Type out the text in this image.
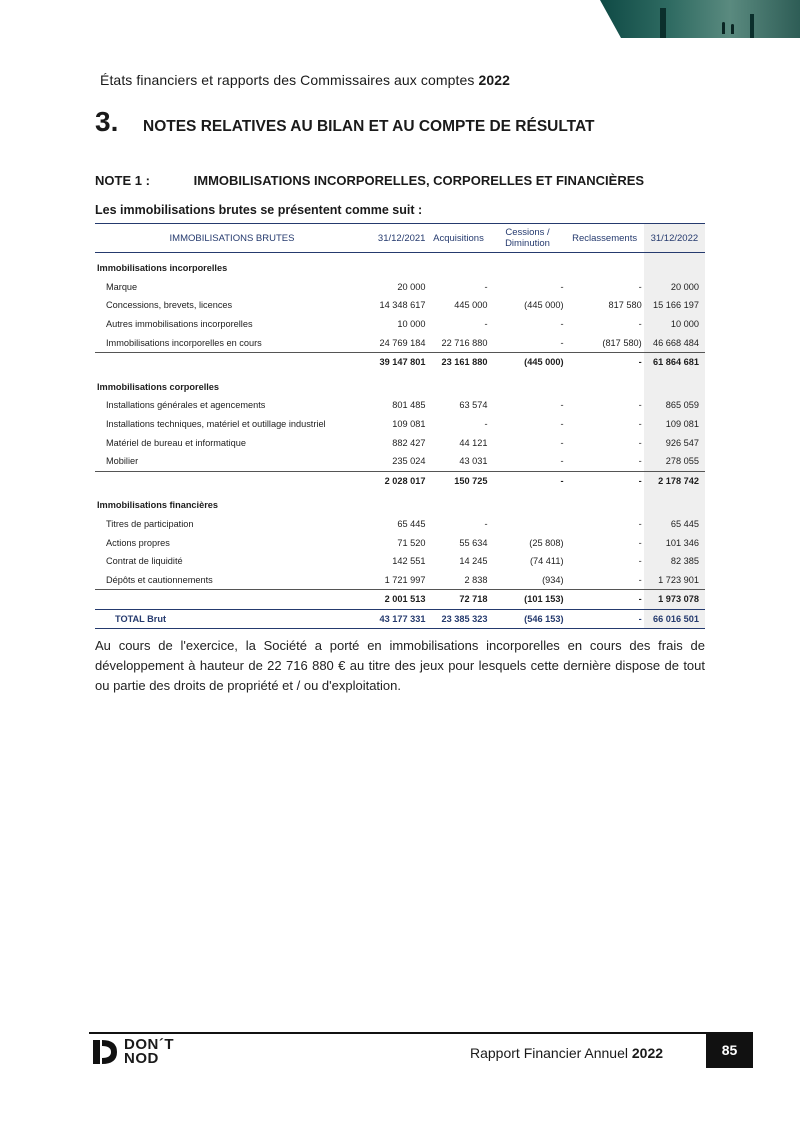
États financiers et rapports des Commissaires aux comptes 2022
3.	NOTES RELATIVES AU BILAN ET AU COMPTE DE RÉSULTAT
NOTE 1 :	IMMOBILISATIONS INCORPORELLES, CORPORELLES ET FINANCIÈRES
Les immobilisations brutes se présentent comme suit :
IMMOBILISATIONS BRUTES	31/12/2021	Acquisitions	Cessions / Diminution	Reclassements	31/12/2022
Immobilisations incorporelles					
Marque	20 000	-	-	-	20 000
Concessions, brevets, licences	14 348 617	445 000	(445 000)	817 580	15 166 197
Autres immobilisations incorporelles	10 000	-	-	-	10 000
Immobilisations incorporelles en cours	24 769 184	22 716 880	-	(817 580)	46 668 484
	39 147 801	23 161 880	(445 000)	-	61 864 681
Immobilisations corporelles					
Installations générales et agencements	801 485	63 574	-	-	865 059
Installations techniques, matériel et outillage industriel	109 081	-	-	-	109 081
Matériel de bureau et informatique	882 427	44 121	-	-	926 547
Mobilier	235 024	43 031	-	-	278 055
	2 028 017	150 725	-	-	2 178 742
Immobilisations financières					
Titres de participation	65 445	-		-	65 445
Actions propres	71 520	55 634	(25 808)	-	101 346
Contrat de liquidité	142 551	14 245	(74 411)	-	82 385
Dépôts et cautionnements	1 721 997	2 838	(934)	-	1 723 901
	2 001 513	72 718	(101 153)	-	1 973 078
TOTAL Brut	43 177 331	23 385 323	(546 153)	-	66 016 501
Au cours de l'exercice, la Société a porté en immobilisations incorporelles en cours des frais de développement à hauteur de 22 716 880 € au titre des jeux pour lesquels cette dernière dispose de tout ou partie des droits de propriété et / ou d'exploitation.
DON´T
NOD	Rapport Financier Annuel 2022	85
